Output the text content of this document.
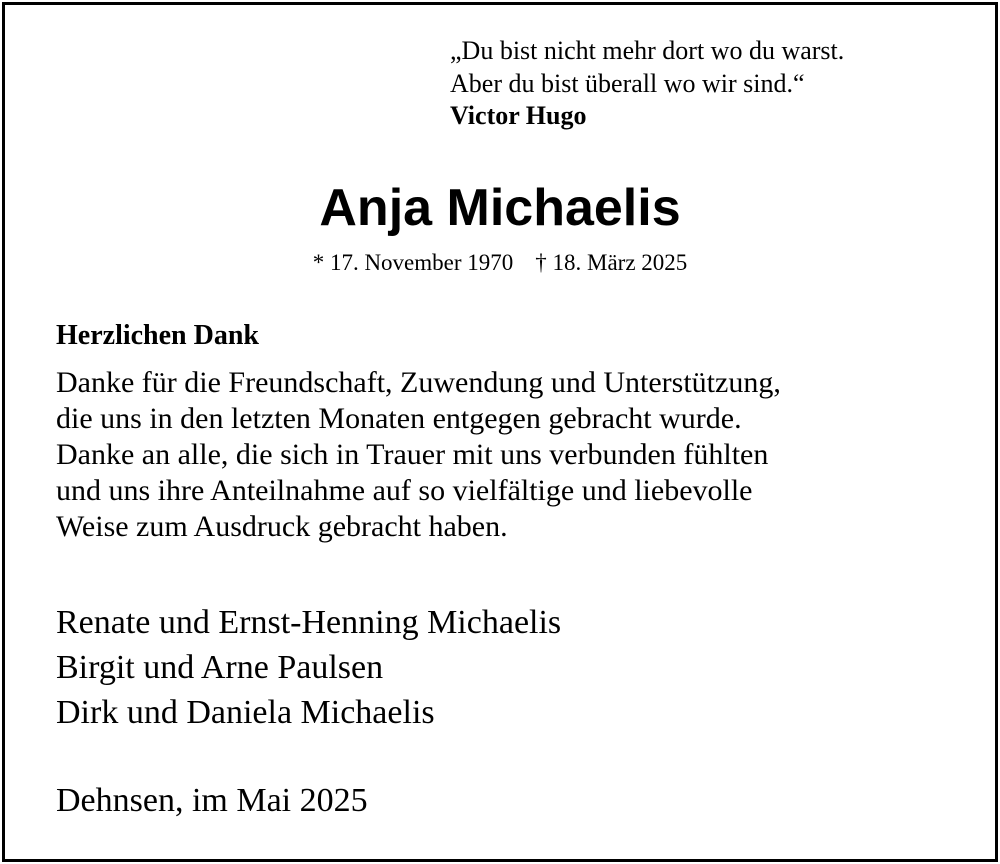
„Du bist nicht mehr dort wo du warst.
Aber du bist überall wo wir sind.“
Victor Hugo
Anja Michaelis
* 17. November 1970 † 18. März 2025
Herzlichen Dank
Danke für die Freundschaft, Zuwendung und Unterstützung,
die uns in den letzten Monaten entgegen gebracht wurde.
Danke an alle, die sich in Trauer mit uns verbunden fühlten
und uns ihre Anteilnahme auf so vielfältige und liebevolle
Weise zum Ausdruck gebracht haben.
Renate und Ernst-Henning Michaelis
Birgit und Arne Paulsen
Dirk und Daniela Michaelis
Dehnsen, im Mai 2025
